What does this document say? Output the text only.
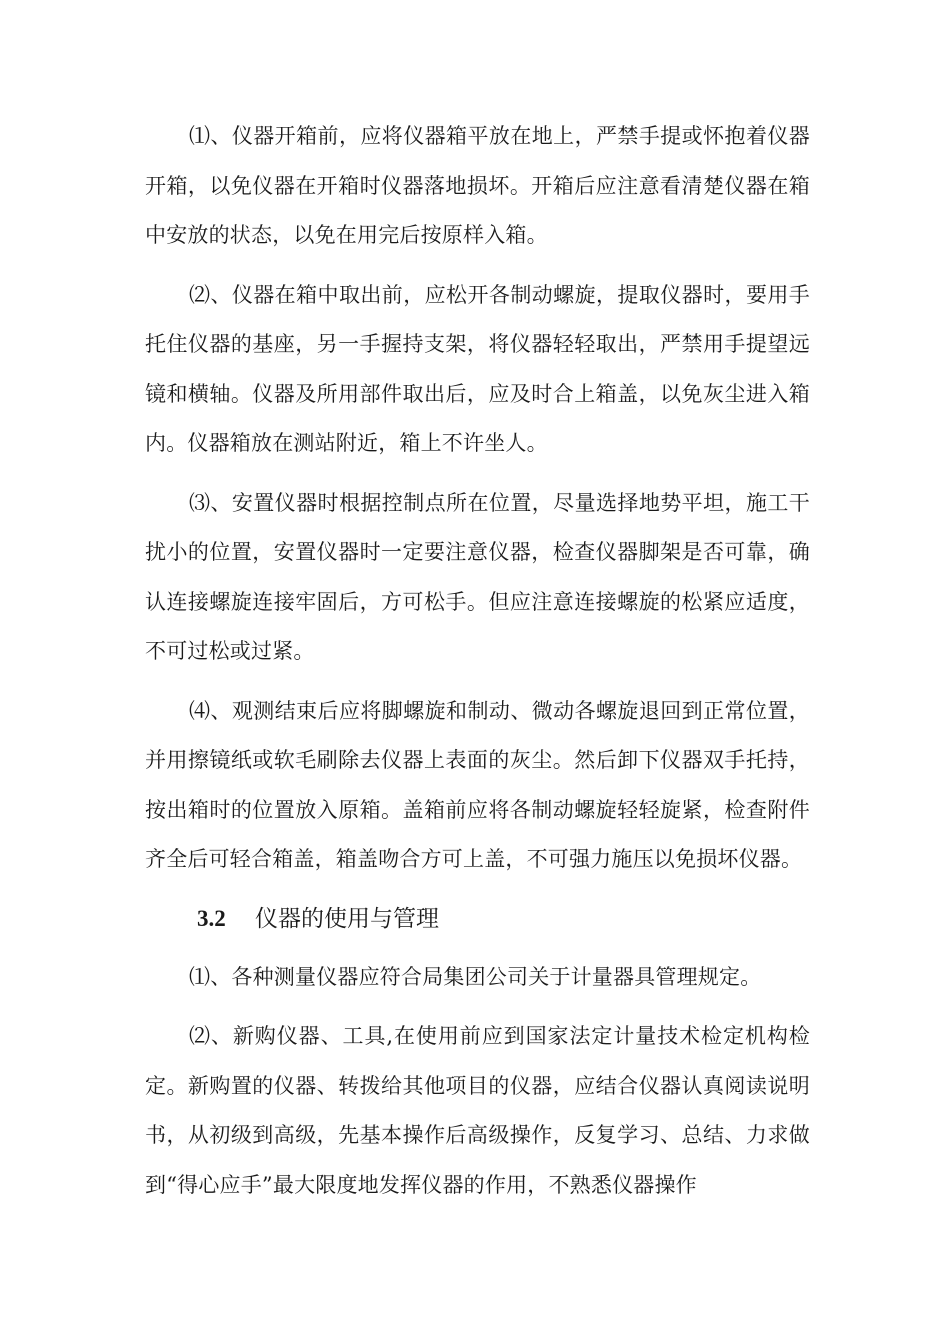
⑴、仪器开箱前，应将仪器箱平放在地上，严禁手提或怀抱着仪器开箱，以免仪器在开箱时仪器落地损坏。开箱后应注意看清楚仪器在箱中安放的状态，以免在用完后按原样入箱。

⑵、仪器在箱中取出前，应松开各制动螺旋，提取仪器时，要用手托住仪器的基座，另一手握持支架，将仪器轻轻取出，严禁用手提望远镜和横轴。仪器及所用部件取出后，应及时合上箱盖，以免灰尘进入箱内。仪器箱放在测站附近，箱上不许坐人。

⑶、安置仪器时根据控制点所在位置，尽量选择地势平坦，施工干扰小的位置，安置仪器时一定要注意仪器，检查仪器脚架是否可靠，确认连接螺旋连接牢固后，方可松手。但应注意连接螺旋的松紧应适度，不可过松或过紧。

⑷、观测结束后应将脚螺旋和制动、微动各螺旋退回到正常位置，并用擦镜纸或软毛刷除去仪器上表面的灰尘。然后卸下仪器双手托持，按出箱时的位置放入原箱。盖箱前应将各制动螺旋轻轻旋紧，检查附件齐全后可轻合箱盖，箱盖吻合方可上盖，不可强力施压以免损坏仪器。

3.2 仪器的使用与管理

⑴、各种测量仪器应符合局集团公司关于计量器具管理规定。

⑵、新购仪器、工具,在使用前应到国家法定计量技术检定机构检定。新购置的仪器、转拨给其他项目的仪器，应结合仪器认真阅读说明书，从初级到高级，先基本操作后高级操作，反复学习、总结、力求做到“得心应手”最大限度地发挥仪器的作用，不熟悉仪器操作
